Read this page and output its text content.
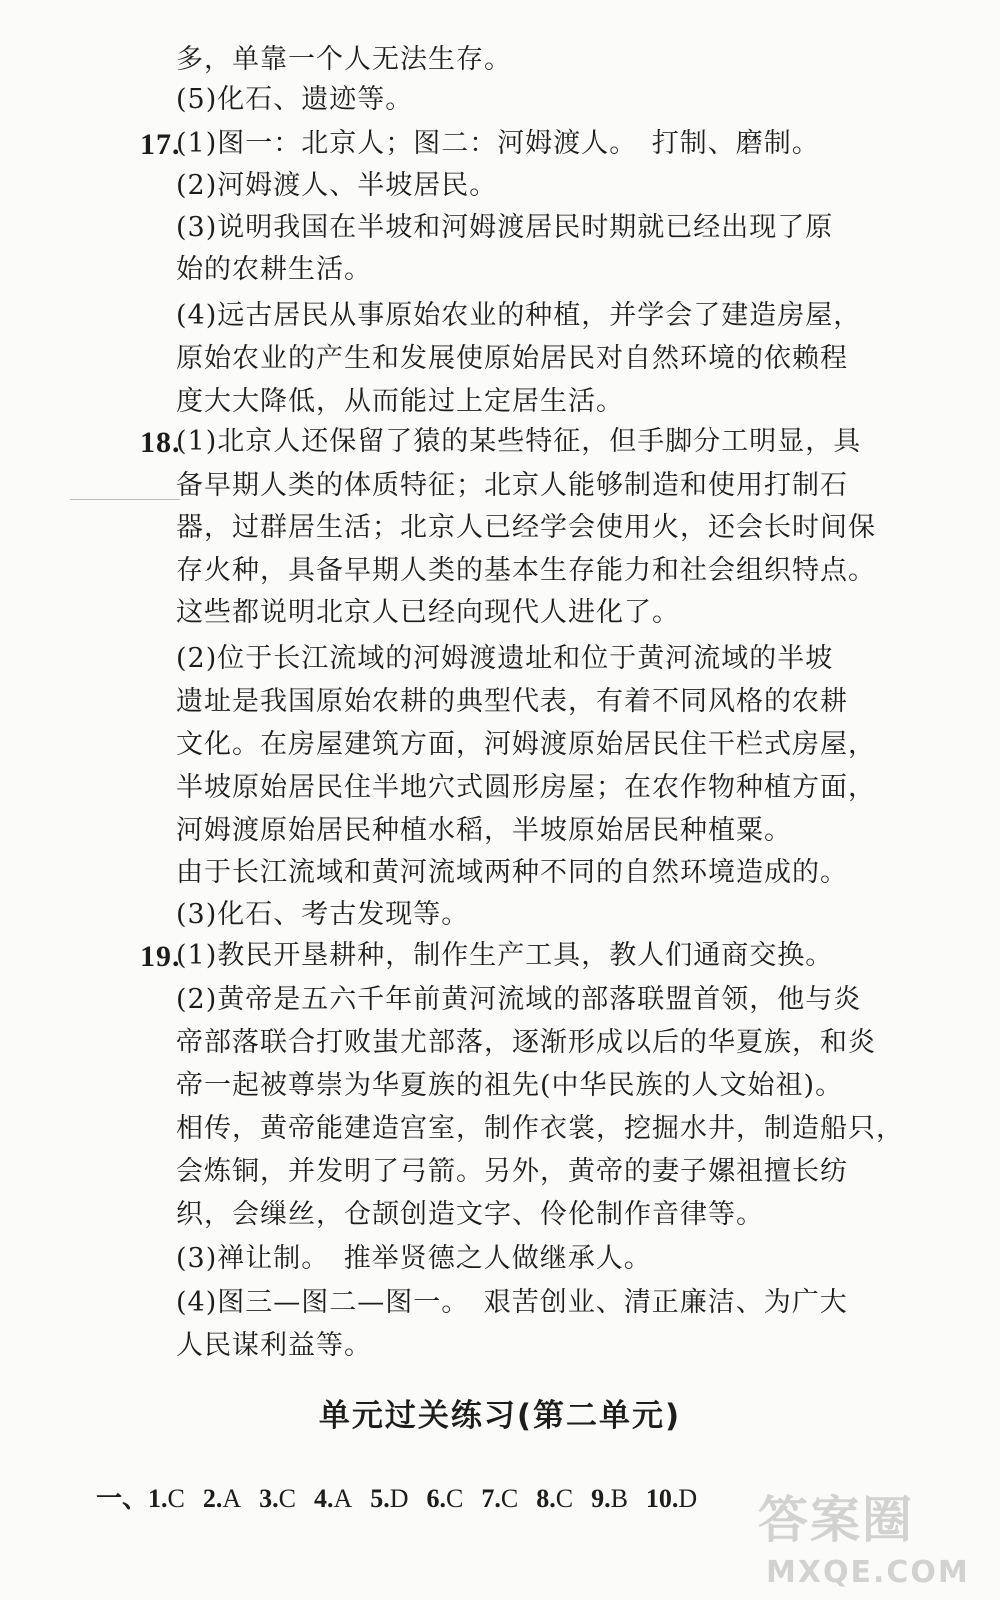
多，单靠一个人无法生存。
(5)化石、遗迹等。
17.
(1)图一：北京人；图二：河姆渡人。　打制、磨制。
(2)河姆渡人、半坡居民。
(3)说明我国在半坡和河姆渡居民时期就已经出现了原
始的农耕生活。
(4)远古居民从事原始农业的种植，并学会了建造房屋，
原始农业的产生和发展使原始居民对自然环境的依赖程
度大大降低，从而能过上定居生活。
18.
(1)北京人还保留了猿的某些特征，但手脚分工明显，具
备早期人类的体质特征；北京人能够制造和使用打制石
器，过群居生活；北京人已经学会使用火，还会长时间保
存火种，具备早期人类的基本生存能力和社会组织特点。
这些都说明北京人已经向现代人进化了。
(2)位于长江流域的河姆渡遗址和位于黄河流域的半坡
遗址是我国原始农耕的典型代表，有着不同风格的农耕
文化。在房屋建筑方面，河姆渡原始居民住干栏式房屋，
半坡原始居民住半地穴式圆形房屋；在农作物种植方面，
河姆渡原始居民种植水稻，半坡原始居民种植粟。
由于长江流域和黄河流域两种不同的自然环境造成的。
(3)化石、考古发现等。
19.
(1)教民开垦耕种，制作生产工具，教人们通商交换。
(2)黄帝是五六千年前黄河流域的部落联盟首领，他与炎
帝部落联合打败蚩尤部落，逐渐形成以后的华夏族，和炎
帝一起被尊崇为华夏族的祖先(中华民族的人文始祖)。
相传，黄帝能建造宫室，制作衣裳，挖掘水井，制造船只，
会炼铜，并发明了弓箭。另外，黄帝的妻子嫘祖擅长纺
织，会缫丝，仓颉创造文字、伶伦制作音律等。
(3)禅让制。　推举贤德之人做继承人。
(4)图三—图二—图一。　艰苦创业、清正廉洁、为广大
人民谋利益等。
单元过关练习(第二单元)
一、1.C 2.A 3.C 4.A 5.D 6.C 7.C 8.C 9.B 10.D	答案圈
MXQE.COM
